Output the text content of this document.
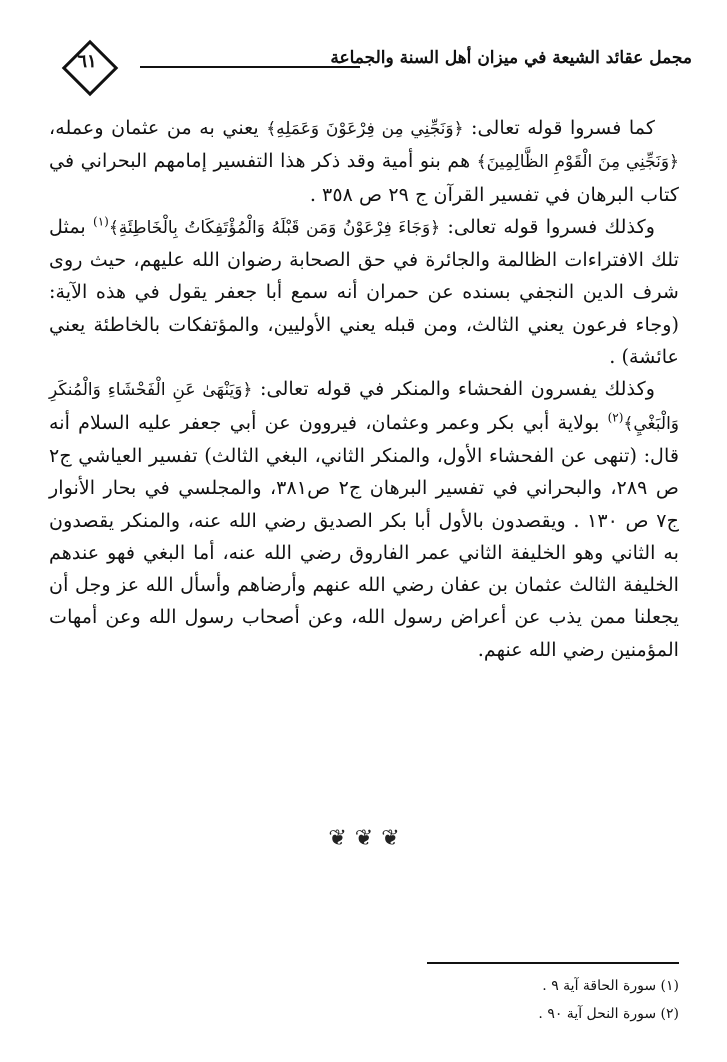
مجمل عقائد الشيعة في ميزان أهل السنة والجماعة
٦١

كما فسروا قوله تعالى: ﴿وَنَجِّنِي مِن فِرْعَوْنَ وَعَمَلِهِ﴾ يعني به من عثمان وعمله، ﴿وَنَجِّنِي مِنَ الْقَوْمِ الظَّالِمِينَ﴾ هم بنو أمية وقد ذكر هذا التفسير إمامهم البحراني في كتاب البرهان في تفسير القرآن ج ٢٩ ص ٣٥٨ .

وكذلك فسروا قوله تعالى: ﴿وَجَاءَ فِرْعَوْنُ وَمَن قَبْلَهُ وَالْمُؤْتَفِكَاتُ بِالْخَاطِئَةِ﴾$^{(١)}$ بمثل تلك الافتراءات الظالمة والجائرة في حق الصحابة رضوان الله عليهم، حيث روى شرف الدين النجفي بسنده عن حمران أنه سمع أبا جعفر يقول في هذه الآية: (وجاء فرعون يعني الثالث، ومن قبله يعني الأوليين، والمؤتفكات بالخاطئة يعني عائشة) .

وكذلك يفسرون الفحشاء والمنكر في قوله تعالى: ﴿وَيَنْهَىٰ عَنِ الْفَحْشَاءِ وَالْمُنكَرِ وَالْبَغْيِ﴾$^{(٢)}$ بولاية أبي بكر وعمر وعثمان، فيروون عن أبي جعفر عليه السلام أنه قال: (تنهى عن الفحشاء الأول، والمنكر الثاني، البغي الثالث) تفسير العياشي ج٢ ص ٢٨٩، والبحراني في تفسير البرهان ج٢ ص٣٨١، والمجلسي في بحار الأنوار ج٧ ص ١٣٠ . ويقصدون بالأول أبا بكر الصديق رضي الله عنه، والمنكر يقصدون به الثاني وهو الخليفة الثاني عمر الفاروق رضي الله عنه، أما البغي فهو عندهم الخليفة الثالث عثمان بن عفان رضي الله عنهم وأرضاهم وأسأل الله عز وجل أن يجعلنا ممن يذب عن أعراض رسول الله، وعن أصحاب رسول الله وعن أمهات المؤمنين رضي الله عنهم.

❦❦❦
(١) سورة الحاقة آية ٩ .
(٢) سورة النحل آية ٩٠ .
